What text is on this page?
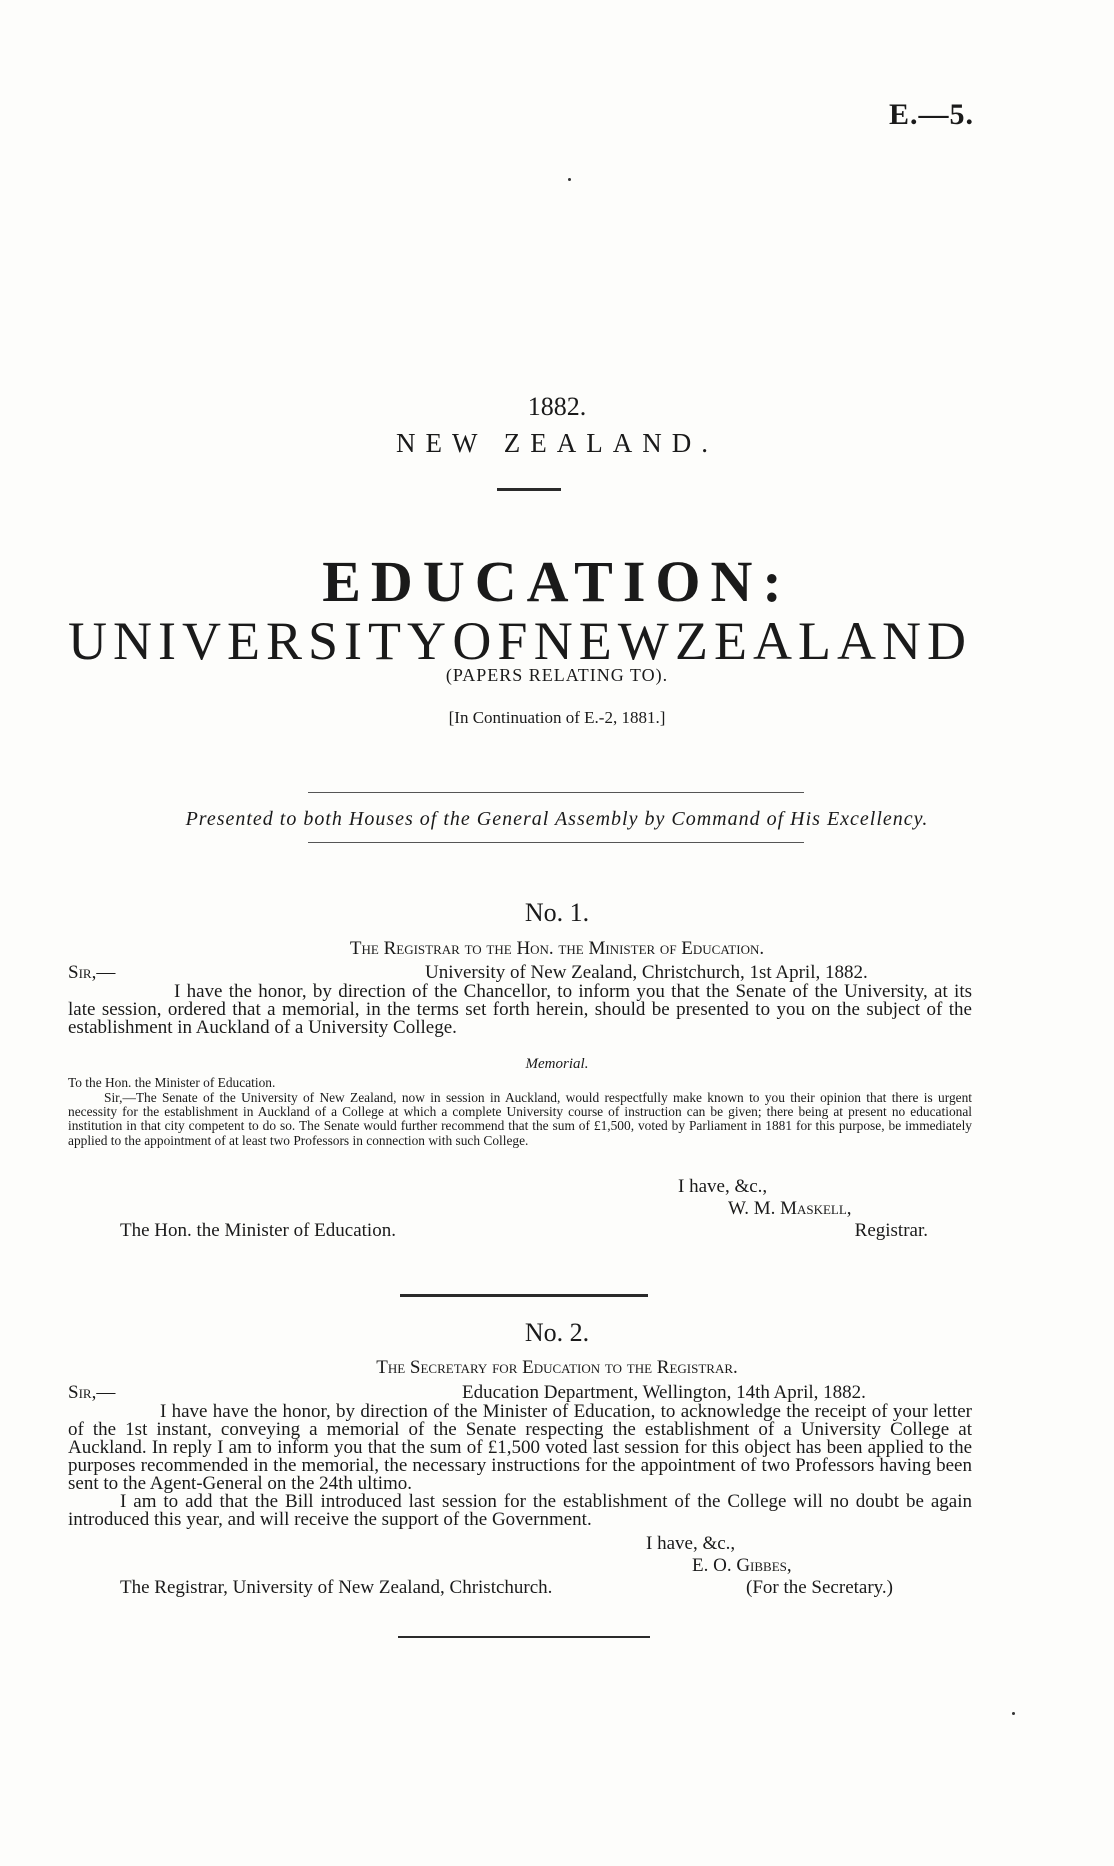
E.—5.
1882.
NEW ZEALAND.
EDUCATION:
UNIVERSITY OF NEW ZEALAND
(PAPERS RELATING TO).
[In Continuation of E.-2, 1881.]
Presented to both Houses of the General Assembly by Command of His Excellency.
No. 1.
The Registrar to the Hon. the Minister of Education.
Sir,—	University of New Zealand, Christchurch, 1st April, 1882.
I have the honor, by direction of the Chancellor, to inform you that the Senate of the University, at its late session, ordered that a memorial, in the terms set forth herein, should be presented to you on the subject of the establishment in Auckland of a University College.
Memorial.
To the Hon. the Minister of Education.
Sir,—The Senate of the University of New Zealand, now in session in Auckland, would respectfully make known to you their opinion that there is urgent necessity for the establishment in Auckland of a College at which a complete University course of instruction can be given; there being at present no educational institution in that city competent to do so. The Senate would further recommend that the sum of £1,500, voted by Parliament in 1881 for this purpose, be immediately applied to the appointment of at least two Professors in connection with such College.
I have, &c.,
W. M. Maskell,
The Hon. the Minister of Education.	Registrar.
No. 2.
The Secretary for Education to the Registrar.
Sir,—	Education Department, Wellington, 14th April, 1882.
I have have the honor, by direction of the Minister of Education, to acknowledge the receipt of your letter of the 1st instant, conveying a memorial of the Senate respecting the establishment of a University College at Auckland. In reply I am to inform you that the sum of £1,500 voted last session for this object has been applied to the purposes recommended in the memorial, the necessary instructions for the appointment of two Professors having been sent to the Agent-General on the 24th ultimo.
I am to add that the Bill introduced last session for the establishment of the College will no doubt be again introduced this year, and will receive the support of the Government.
I have, &c.,
E. O. Gibbes,
The Registrar, University of New Zealand, Christchurch.	(For the Secretary.)
